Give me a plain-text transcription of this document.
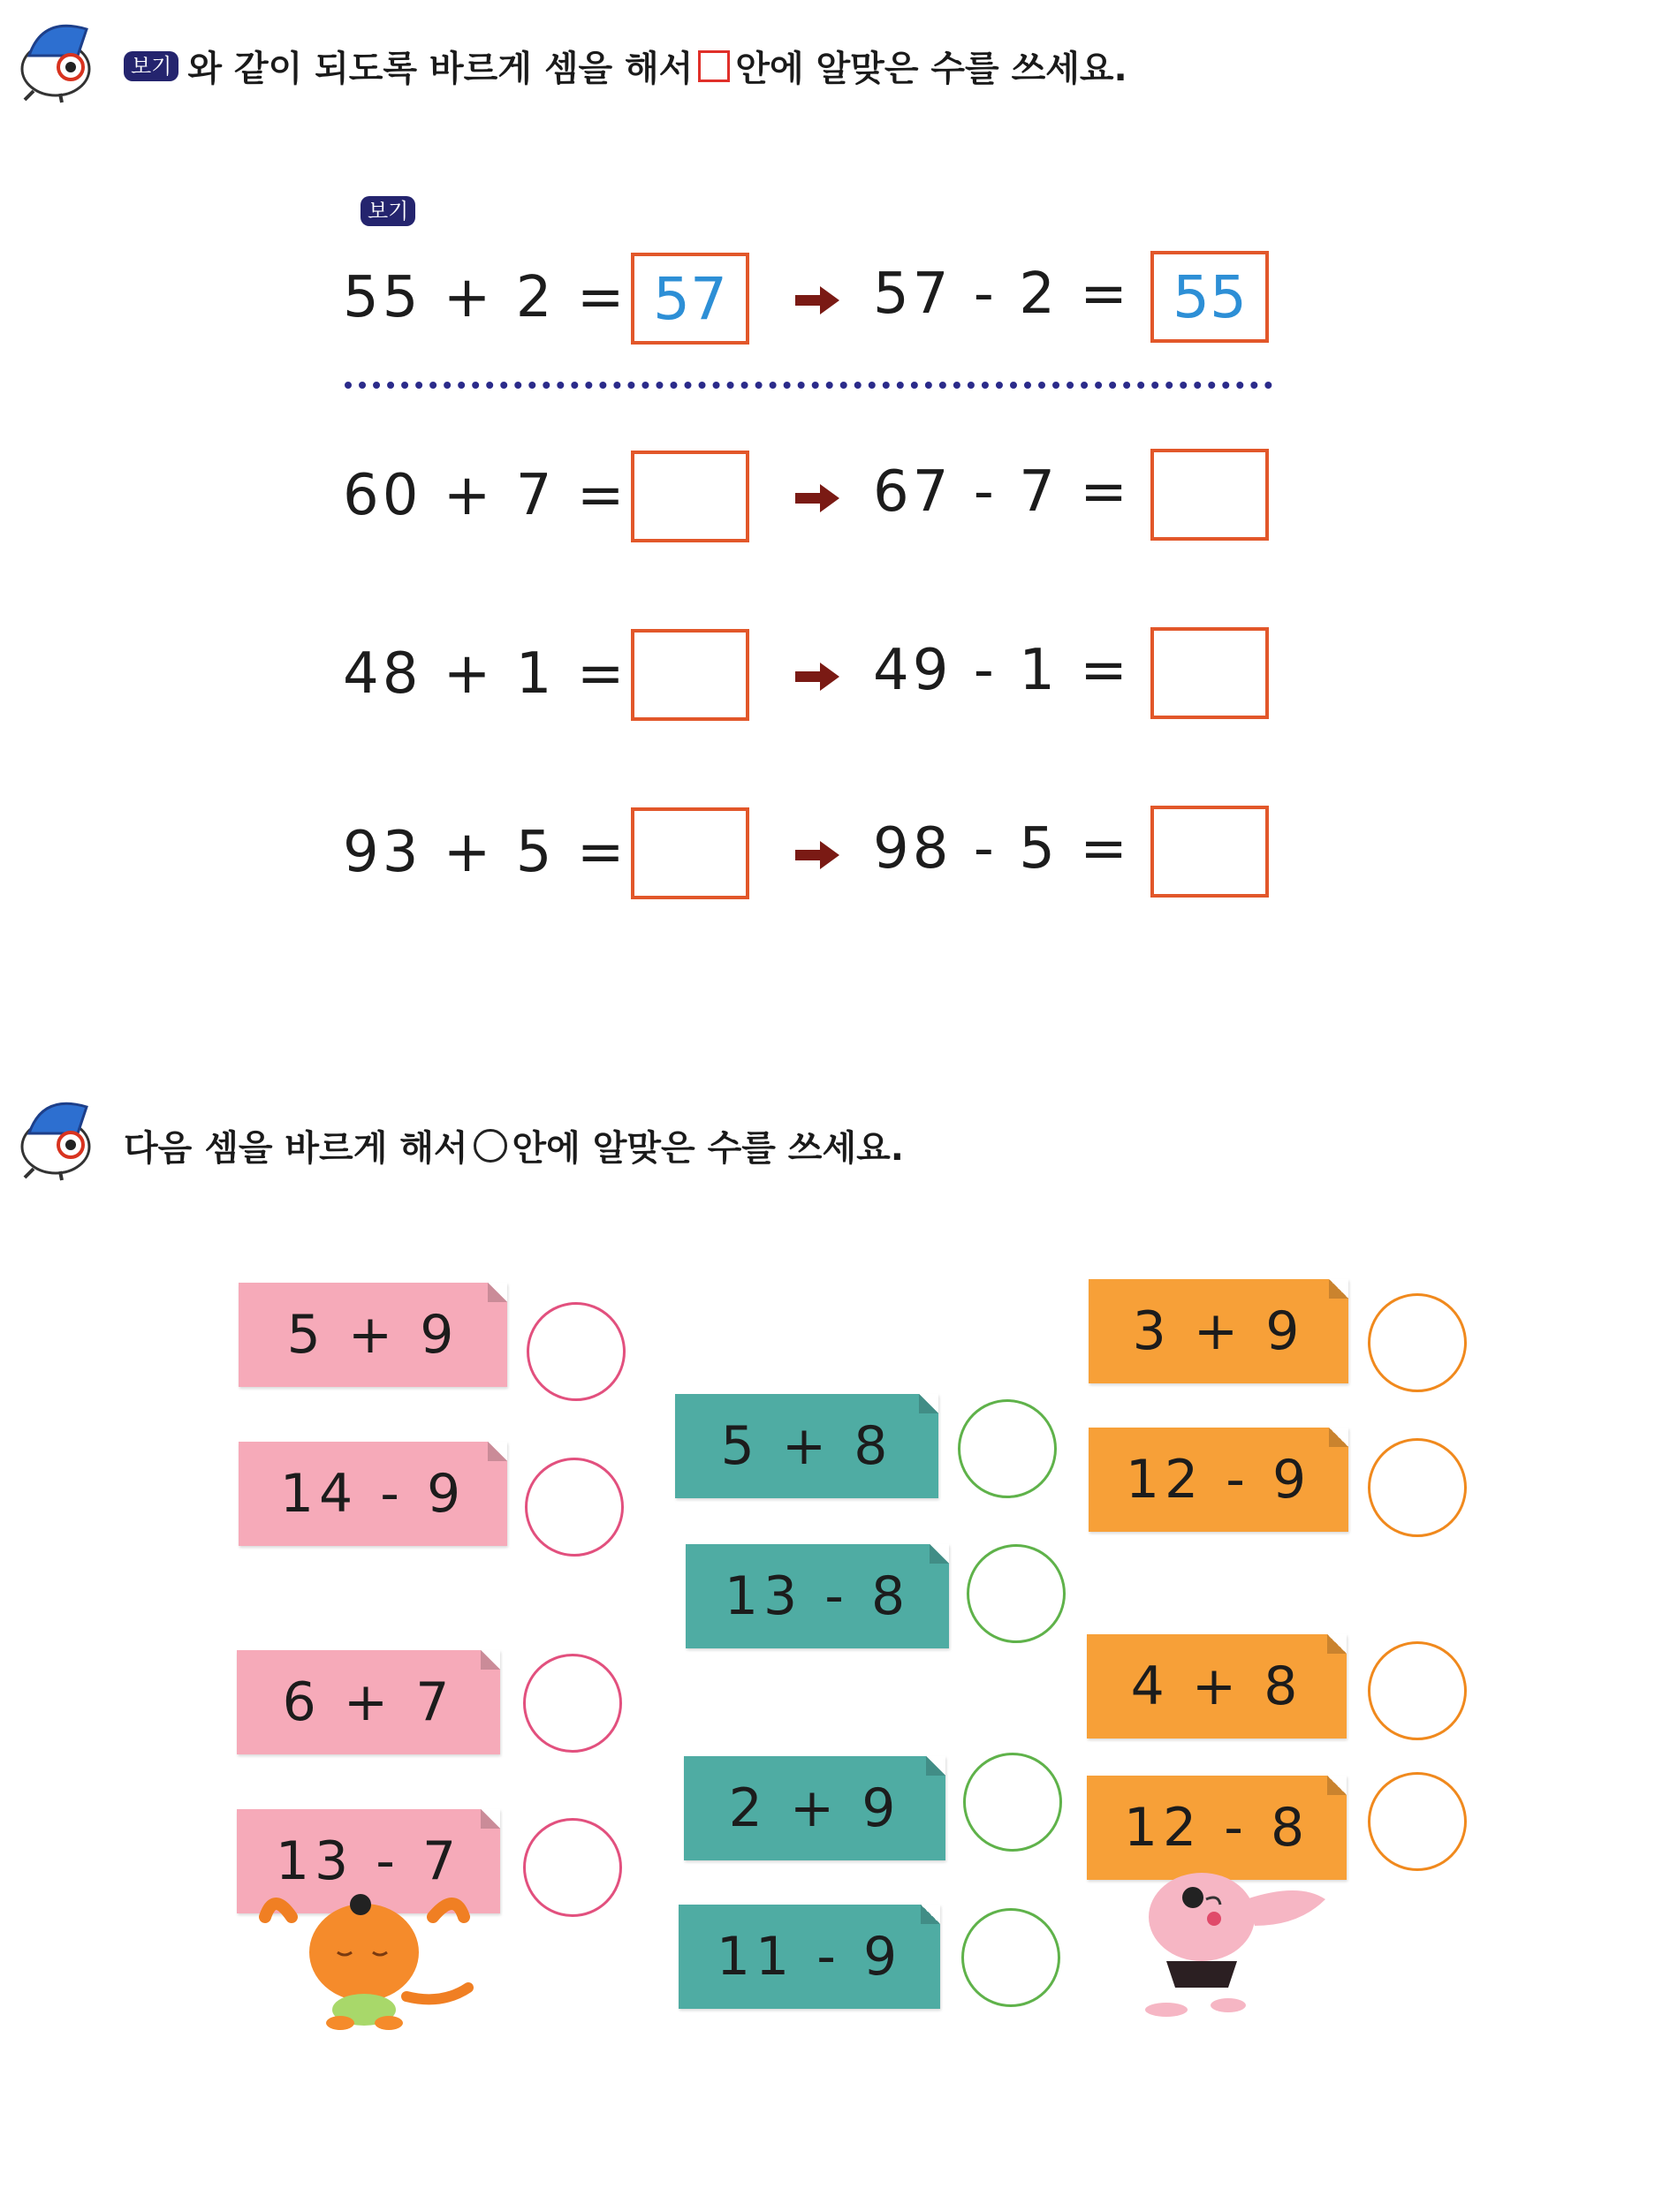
보기 와 같이 되도록 바르게 셈을 해서 안에 알맞은 수를 쓰세요.
보기
55 + 2 = 57	57 - 2 = 55
60 + 7 =	67 - 7 =
48 + 1 =	49 - 1 =
93 + 5 =	98 - 5 =
다음 셈을 바르게 해서 안에 알맞은 수를 쓰세요.
5 + 9
14 - 9
6 + 7
13 - 7
5 + 8
13 - 8
2 + 9
11 - 9
3 + 9
12 - 9
4 + 8
12 - 8
